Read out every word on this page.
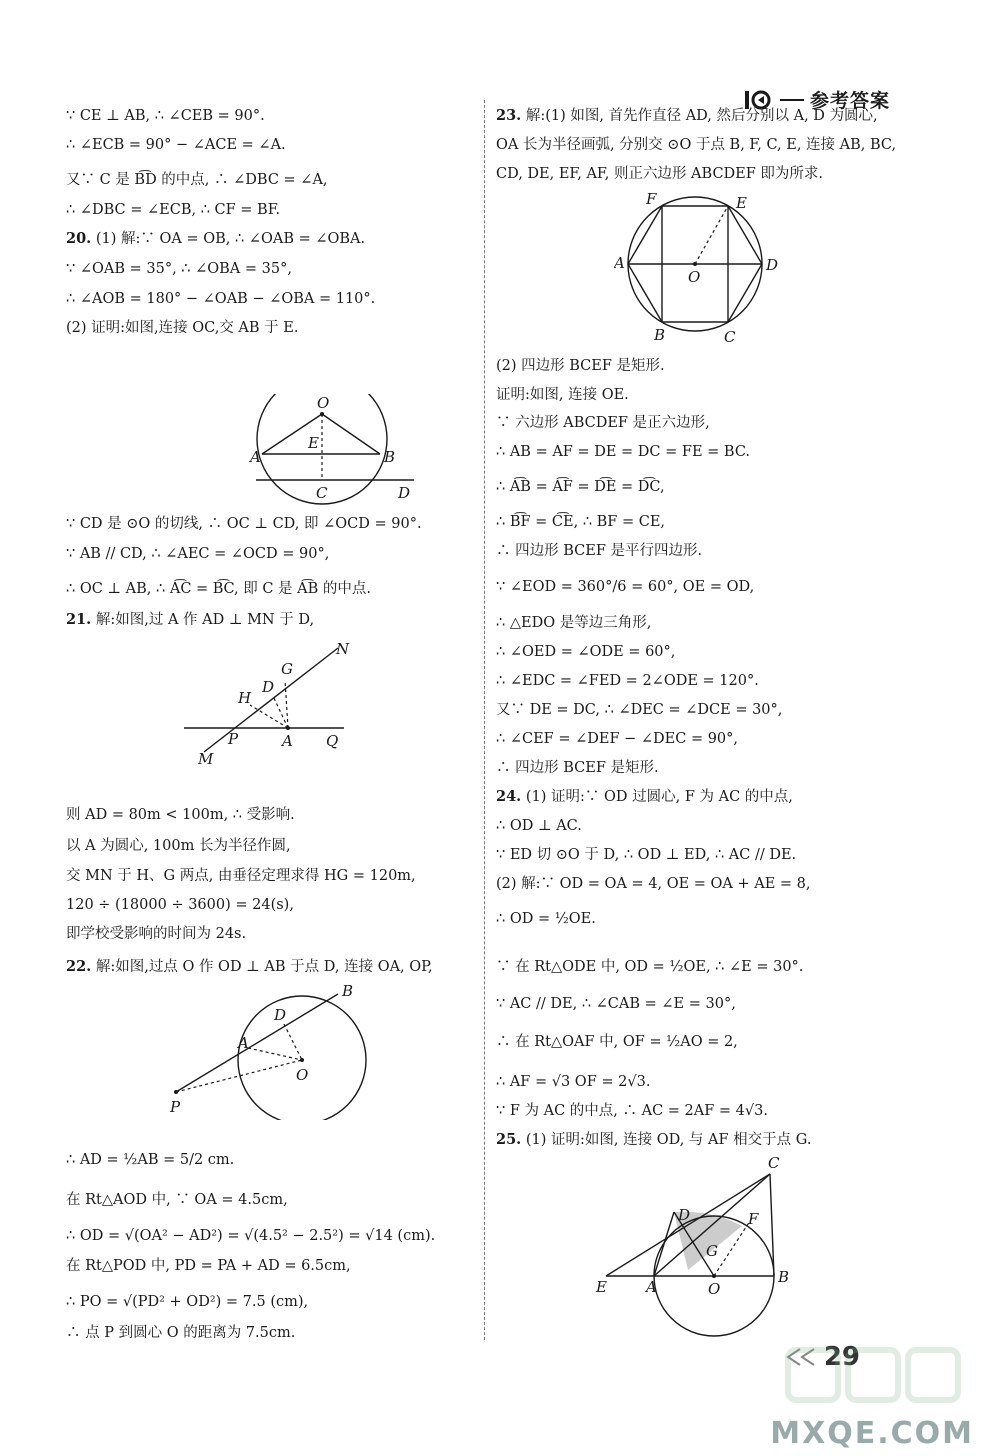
参考答案
∵ CE ⊥ AB, ∴ ∠CEB = 90°.
∴ ∠ECB = 90° − ∠ACE = ∠A.
又∵ C 是 B͡D 的中点, ∴ ∠DBC = ∠A,
∴ ∠DBC = ∠ECB, ∴ CF = BF.
20. (1) 解:∵ OA = OB, ∴ ∠OAB = ∠OBA.
∵ ∠OAB = 35°, ∴ ∠OBA = 35°,
∴ ∠AOB = 180° − ∠OAB − ∠OBA = 110°.
(2) 证明:如图,连接 OC,交 AB 于 E.
O
A	B
E
C	D
∵ CD 是 ⊙O 的切线, ∴ OC ⊥ CD, 即 ∠OCD = 90°.
∵ AB // CD, ∴ ∠AEC = ∠OCD = 90°,
∴ OC ⊥ AB, ∴ A͡C = B͡C, 即 C 是 A͡B 的中点.
21. 解:如图,过 A 作 AD ⊥ MN 于 D,
N
G
D
H
P	A Q
M
则 AD = 80m < 100m, ∴ 受影响.
以 A 为圆心, 100m 长为半径作圆,
交 MN 于 H、G 两点, 由垂径定理求得 HG = 120m,
120 ÷ (18000 ÷ 3600) = 24(s),
即学校受影响的时间为 24s.
22. 解:如图,过点 O 作 OD ⊥ AB 于点 D, 连接 OA, OP,
B
D
A
O
P
∴ AD = ½AB = 5/2 cm.
在 Rt△AOD 中, ∵ OA = 4.5cm,
∴ OD = √(OA² − AD²) = √(4.5² − 2.5²) = √14 (cm).
在 Rt△POD 中, PD = PA + AD = 6.5cm,
∴ PO = √(PD² + OD²) = 7.5 (cm),
∴ 点 P 到圆心 O 的距离为 7.5cm.
23. 解:(1) 如图, 首先作直径 AD, 然后分别以 A, D 为圆心,
OA 长为半径画弧, 分别交 ⊙O 于点 B, F, C, E, 连接 AB, BC,
CD, DE, EF, AF, 则正六边形 ABCDEF 即为所求.
F	E
A
O
D
B	C
(2) 四边形 BCEF 是矩形.
证明:如图, 连接 OE.
∵ 六边形 ABCDEF 是正六边形,
∴ AB = AF = DE = DC = FE = BC.
∴ A͡B = A͡F = D͡E = D͡C,
∴ B͡F = C͡E, ∴ BF = CE,
∴ 四边形 BCEF 是平行四边形.
∵ ∠EOD = 360°/6 = 60°, OE = OD,
∴ △EDO 是等边三角形,
∴ ∠OED = ∠ODE = 60°,
∴ ∠EDC = ∠FED = 2∠ODE = 120°.
又∵ DE = DC, ∴ ∠DEC = ∠DCE = 30°,
∴ ∠CEF = ∠DEF − ∠DEC = 90°,
∴ 四边形 BCEF 是矩形.
24. (1) 证明:∵ OD 过圆心, F 为 AC 的中点,
∴ OD ⊥ AC.
∵ ED 切 ⊙O 于 D, ∴ OD ⊥ ED, ∴ AC // DE.
(2) 解:∵ OD = OA = 4, OE = OA + AE = 8,
∴ OD = ½OE.
∵ 在 Rt△ODE 中, OD = ½OE, ∴ ∠E = 30°.
∵ AC // DE, ∴ ∠CAB = ∠E = 30°,
∴ 在 Rt△OAF 中, OF = ½AO = 2,
∴ AF = √3 OF = 2√3.
∵ F 为 AC 的中点, ∴ AC = 2AF = 4√3.
25. (1) 证明:如图, 连接 OD, 与 AF 相交于点 G.
C
D	F
G
E	A	O
B
29
MXQE.COM
